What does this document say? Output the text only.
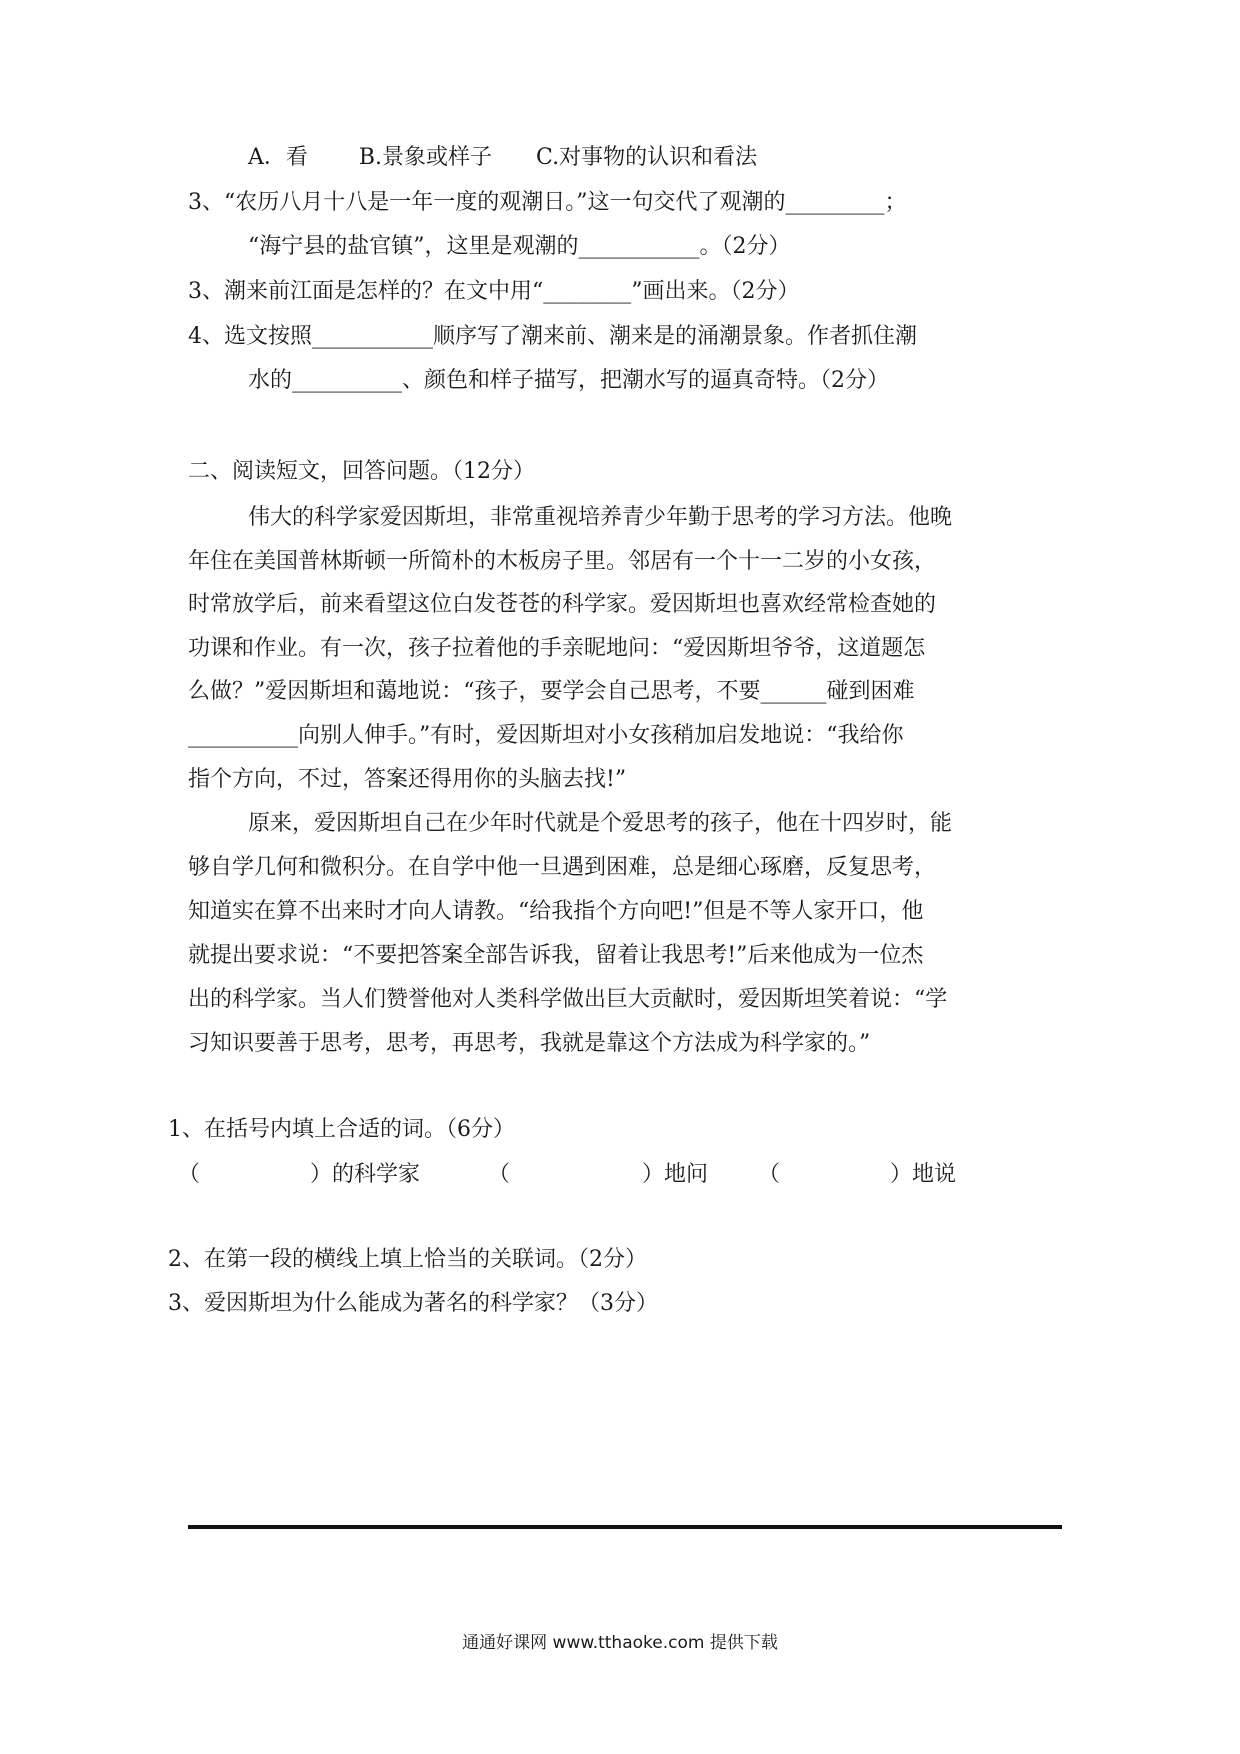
A．看　　 B.景象或样子　　C.对事物的认识和看法
3、“农历八月十八是一年一度的观潮日。”这一句交代了观潮的_________；
“海宁县的盐官镇”，这里是观潮的___________。（2分）
3、潮来前江面是怎样的？在文中用“________”画出来。（2分）
4、选文按照___________顺序写了潮来前、潮来是的涌潮景象。作者抓住潮
水的__________、颜色和样子描写，把潮水写的逼真奇特。（2分）
二、阅读短文，回答问题。（12分）
伟大的科学家爱因斯坦，非常重视培养青少年勤于思考的学习方法。他晚
年住在美国普林斯顿一所简朴的木板房子里。邻居有一个十一二岁的小女孩，
时常放学后，前来看望这位白发苍苍的科学家。爱因斯坦也喜欢经常检查她的
功课和作业。有一次，孩子拉着他的手亲昵地问：“爱因斯坦爷爷，这道题怎
么做？”爱因斯坦和蔼地说：“孩子，要学会自己思考，不要______碰到困难
__________向别人伸手。”有时，爱因斯坦对小女孩稍加启发地说：“我给你
指个方向，不过，答案还得用你的头脑去找!”
原来，爱因斯坦自己在少年时代就是个爱思考的孩子，他在十四岁时，能
够自学几何和微积分。在自学中他一旦遇到困难，总是细心琢磨，反复思考，
知道实在算不出来时才向人请教。“给我指个方向吧!”但是不等人家开口，他
就提出要求说：“不要把答案全部告诉我，留着让我思考!”后来他成为一位杰
出的科学家。当人们赞誉他对人类科学做出巨大贡献时，爱因斯坦笑着说：“学
习知识要善于思考，思考，再思考，我就是靠这个方法成为科学家的。”
1、在括号内填上合适的词。（6分）
（　　　　　）的科学家	（　　　　　　）地问 （　　　　　）地说
2、在第一段的横线上填上恰当的关联词。（2分）
3、爱因斯坦为什么能成为著名的科学家？（3分）
通通好课网 www.tthaoke.com 提供下载
